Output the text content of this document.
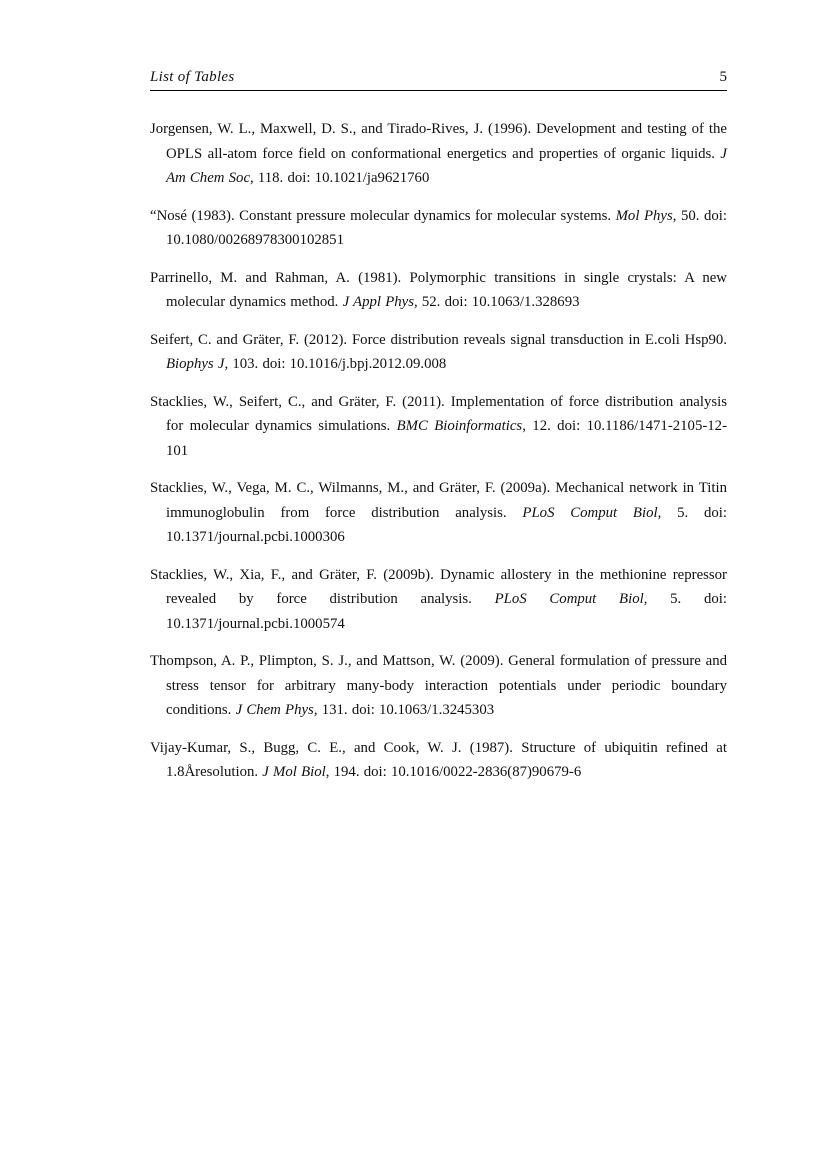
List of Tables	5

Jorgensen, W. L., Maxwell, D. S., and Tirado-Rives, J. (1996). Development and testing of the OPLS all-atom force field on conformational energetics and properties of organic liquids. J Am Chem Soc, 118. doi: 10.1021/ja9621760

“Nosé (1983). Constant pressure molecular dynamics for molecular systems. Mol Phys, 50. doi: 10.1080/00268978300102851

Parrinello, M. and Rahman, A. (1981). Polymorphic transitions in single crystals: A new molecular dynamics method. J Appl Phys, 52. doi: 10.1063/1.328693

Seifert, C. and Gräter, F. (2012). Force distribution reveals signal transduction in E.coli Hsp90. Biophys J, 103. doi: 10.1016/j.bpj.2012.09.008

Stacklies, W., Seifert, C., and Gräter, F. (2011). Implementation of force distribution analysis for molecular dynamics simulations. BMC Bioinformatics, 12. doi: 10.1186/1471-2105-12-101

Stacklies, W., Vega, M. C., Wilmanns, M., and Gräter, F. (2009a). Mechanical network in Titin immunoglobulin from force distribution analysis. PLoS Comput Biol, 5. doi: 10.1371/journal.pcbi.1000306

Stacklies, W., Xia, F., and Gräter, F. (2009b). Dynamic allostery in the methionine repressor revealed by force distribution analysis. PLoS Comput Biol, 5. doi: 10.1371/journal.pcbi.1000574

Thompson, A. P., Plimpton, S. J., and Mattson, W. (2009). General formulation of pressure and stress tensor for arbitrary many-body interaction potentials under periodic boundary conditions. J Chem Phys, 131. doi: 10.1063/1.3245303

Vijay-Kumar, S., Bugg, C. E., and Cook, W. J. (1987). Structure of ubiquitin refined at 1.8Åresolution. J Mol Biol, 194. doi: 10.1016/0022-2836(87)90679-6
